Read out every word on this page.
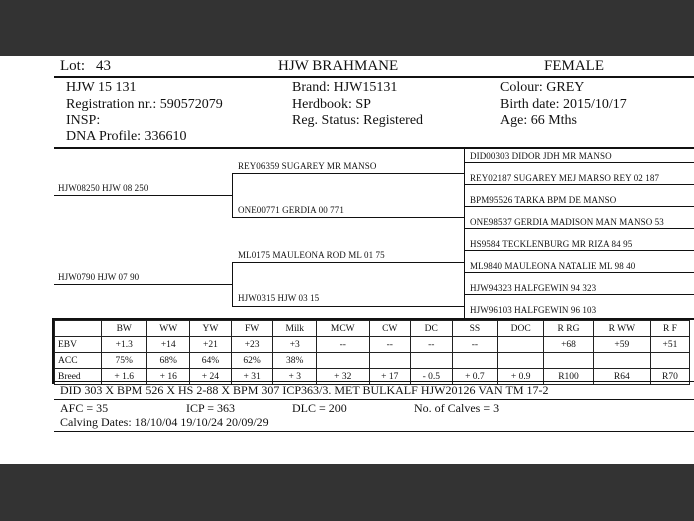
Lot: 43	HJW BRAHMANE	FEMALE
HJW 15 131
Registration nr.: 590572079
INSP:
DNA Profile: 336610
Brand: HJW15131
Herdbook: SP
Reg. Status: Registered
Colour: GREY
Birth date: 2015/10/17
Age: 66 Mths
HJW08250 HJW 08 250
HJW0790 HJW 07 90
REY06359 SUGAREY MR MANSO
ONE00771 GERDIA 00 771
ML0175 MAULEONA ROD ML 01 75
HJW0315 HJW 03 15
DID00303 DIDOR JDH MR MANSO
REY02187 SUGAREY MEJ MARSO REY 02 187
BPM95526 TARKA BPM DE MANSO
ONE98537 GERDIA MADISON MAN MANSO 53
HS9584 TECKLENBURG MR RIZA 84 95
ML9840 MAULEONA NATALIE ML 98 40
HJW94323 HALFGEWIN 94 323
HJW96103 HALFGEWIN 96 103
	BW	WW	YW	FW	Milk	MCW	CW	DC	SS	DOC	R RG	R WW	R F
EBV	+1.3	+14	+21	+23	+3	--	--	--	--		+68	+59	+51
ACC	75%	68%	64%	62%	38%								
Breed	+ 1.6	+ 16	+ 24	+ 31	+ 3	+ 32	+ 17	- 0.5	+ 0.7	+ 0.9	R100	R64	R70
DID 303 X BPM 526 X HS 2-88 X BPM 307 ICP363/3. MET BULKALF HJW20126 VAN TM 17-2
AFC = 35	ICP = 363	DLC = 200	No. of Calves = 3
Calving Dates: 18/10/04 19/10/24 20/09/29
